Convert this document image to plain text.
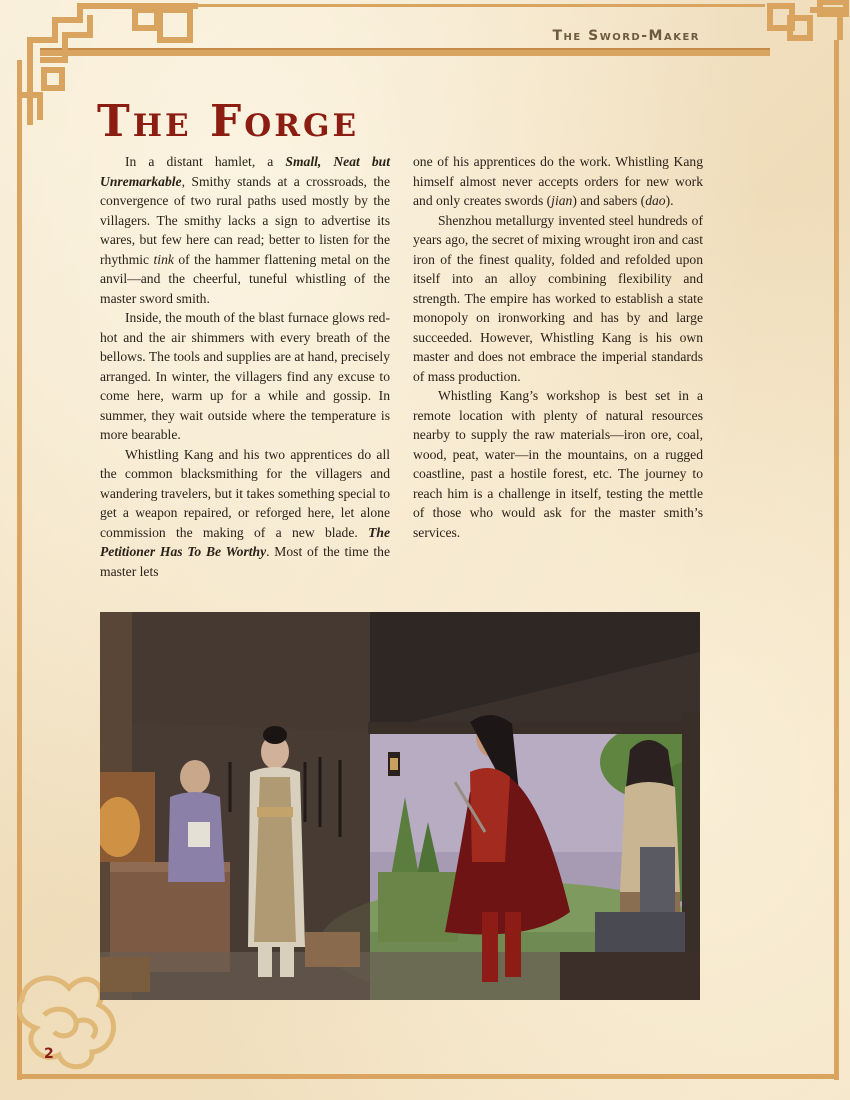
The Sword-Maker
The Forge

In a distant hamlet, a Small, Neat but Unremarkable, Smithy stands at a crossroads, the convergence of two rural paths used mostly by the villagers. The smithy lacks a sign to advertise its wares, but few here can read; better to listen for the rhythmic tink of the hammer flattening metal on the anvil—and the cheerful, tuneful whistling of the master sword smith.

Inside, the mouth of the blast furnace glows red-hot and the air shimmers with every breath of the bellows. The tools and supplies are at hand, precisely arranged. In winter, the villagers find any excuse to come here, warm up for a while and gossip. In summer, they wait outside where the temperature is more bearable.

Whistling Kang and his two apprentices do all the common blacksmithing for the villagers and wandering travelers, but it takes something special to get a weapon repaired, or reforged here, let alone commission the making of a new blade. The Petitioner Has To Be Worthy. Most of the time the master lets

one of his apprentices do the work. Whistling Kang himself almost never accepts orders for new work and only creates swords (jian) and sabers (dao).

Shenzhou metallurgy invented steel hundreds of years ago, the secret of mixing wrought iron and cast iron of the finest quality, folded and refolded upon itself into an alloy combining flexibility and strength. The empire has worked to establish a state monopoly on ironworking and has by and large succeeded. However, Whistling Kang is his own master and does not embrace the imperial standards of mass production.

Whistling Kang’s workshop is best set in a remote location with plenty of natural resources nearby to supply the raw materials—iron ore, coal, wood, peat, water—in the mountains, on a rugged coastline, past a hostile forest, etc. The journey to reach him is a challenge in itself, testing the mettle of those who would ask for the master smith’s services.

2
